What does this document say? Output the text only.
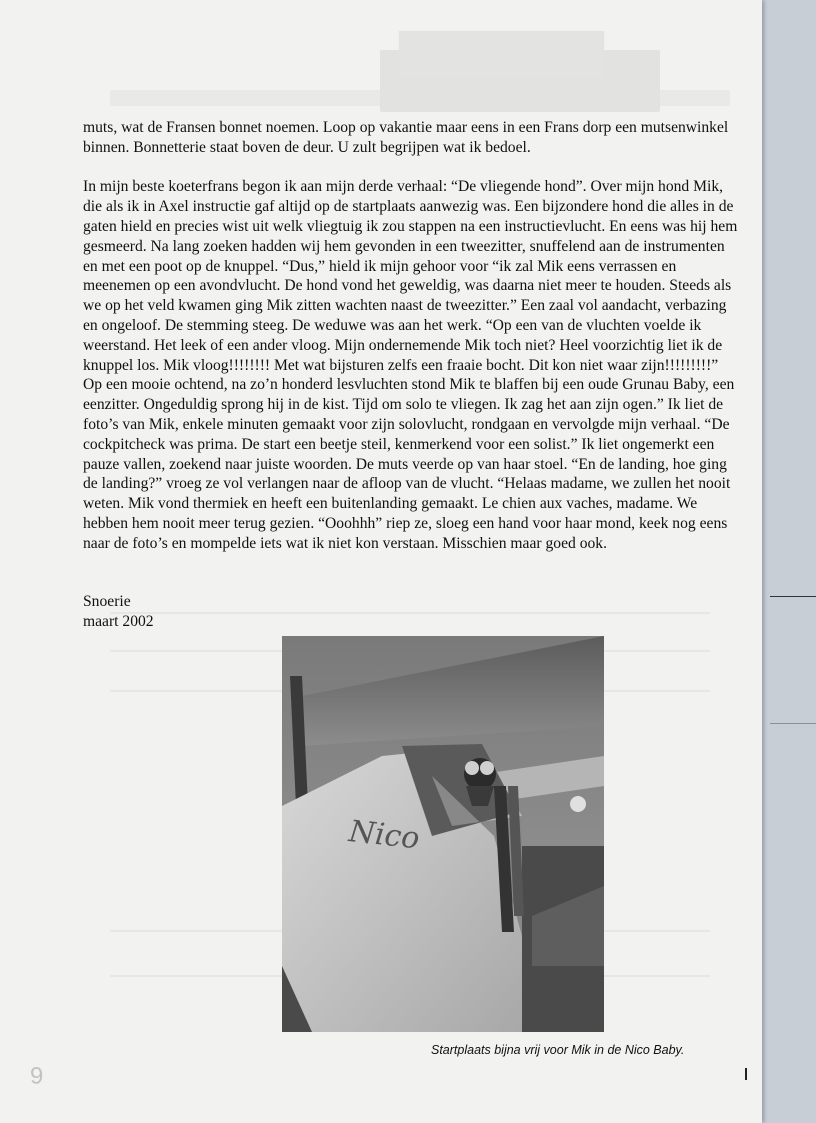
▇▇▇▇▇▇

muts, wat de Fransen bonnet noemen. Loop op vakantie maar eens in een Frans dorp een mutsenwinkel binnen. Bonnetterie staat boven de deur. U zult begrijpen wat ik bedoel.

In mijn beste koeterfrans begon ik aan mijn derde verhaal: “De vliegende hond”. Over mijn hond Mik, die als ik in Axel instructie gaf altijd op de startplaats aanwezig was. Een bijzondere hond die alles in de gaten hield en precies wist uit welk vliegtuig ik zou stappen na een instructievlucht. En eens was hij hem gesmeerd. Na lang zoeken hadden wij hem gevonden in een tweezitter, snuffelend aan de instrumenten en met een poot op de knuppel. “Dus,” hield ik mijn gehoor voor “ik zal Mik eens verrassen en meenemen op een avondvlucht. De hond vond het geweldig, was daarna niet meer te houden. Steeds als we op het veld kwamen ging Mik zitten wachten naast de tweezitter.” Een zaal vol aandacht, verbazing en ongeloof. De stemming steeg. De weduwe was aan het werk. “Op een van de vluchten voelde ik weerstand. Het leek of een ander vloog. Mijn ondernemende Mik toch niet? Heel voorzichtig liet ik de knuppel los. Mik vloog!!!!!!!! Met wat bijsturen zelfs een fraaie bocht. Dit kon niet waar zijn!!!!!!!!!” Op een mooie ochtend, na zo’n honderd lesvluchten stond Mik te blaffen bij een oude Grunau Baby, een eenzitter. Ongeduldig sprong hij in de kist. Tijd om solo te vliegen. Ik zag het aan zijn ogen.” Ik liet de foto’s van Mik, enkele minuten gemaakt voor zijn solovlucht, rondgaan en vervolgde mijn verhaal. “De cockpitcheck was prima. De start een beetje steil, kenmerkend voor een solist.” Ik liet ongemerkt een pauze vallen, zoekend naar juiste woorden. De muts veerde op van haar stoel. “En de landing, hoe ging de landing?” vroeg ze vol verlangen naar de afloop van de vlucht. “Helaas madame, we zullen het nooit weten. Mik vond thermiek en heeft een buitenlanding gemaakt. Le chien aux vaches, madame. We hebben hem nooit meer terug gezien. “Ooohhh” riep ze, sloeg een hand voor haar mond, keek nog eens naar de foto’s en mompelde iets wat ik niet kon verstaan. Misschien maar goed ook.

Snoerie
maart 2002
Nico
Startplaats bijna vrij voor Mik in de Nico Baby.
6
